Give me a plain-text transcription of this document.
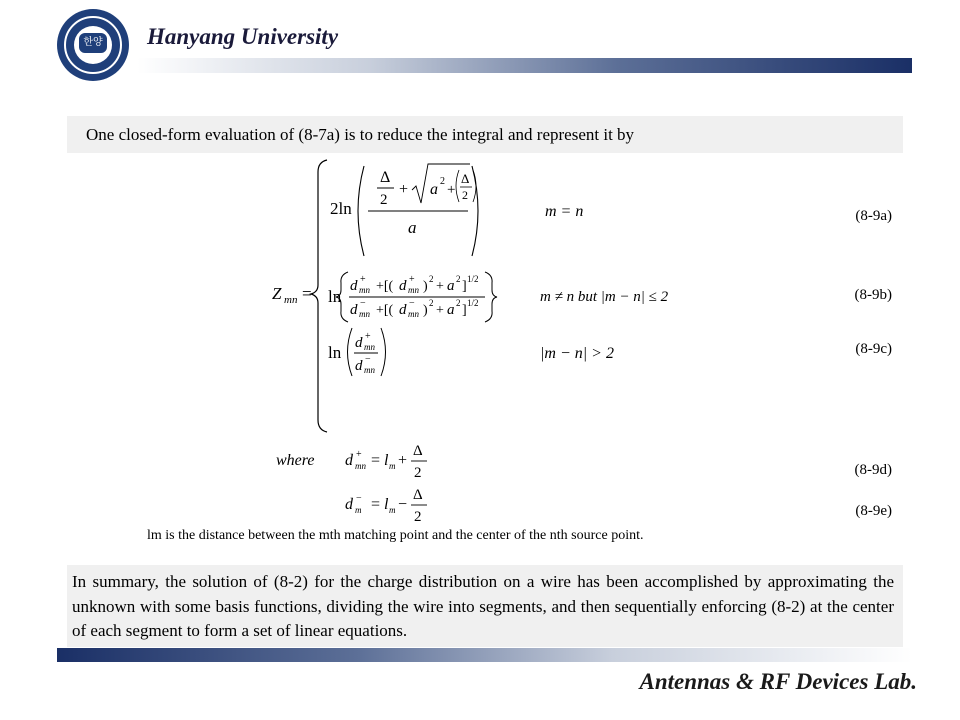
한양 Hanyang University
One closed-form evaluation of (8-7a) is to reduce the integral and represent it by
Z mn =
2ln
a
Δ
2
+ a 2
+
Δ
2
m = n
ln
d mn
+ +[( d mn
+ ) 2 + a 2 ] 1/2
d mn
− +[( d mn
− ) 2 + a 2 ] 1/2	m ≠ n but |m − n| ≤ 2
ln d mn
+
d mn
−	|m − n| > 2
where d mn
+ = l m +
Δ
2
d m
− = l m −
Δ
2
(8-9a)
(8-9b)
(8-9c)
(8-9d)
(8-9e)
lm is the distance between the mth matching point and the center of the nth source point.
In summary, the solution of (8-2) for the charge distribution on a wire has been accomplished by approximating the unknown with some basis functions, dividing the wire into segments, and then sequentially enforcing (8-2) at the center of each segment to form a set of linear equations.
Antennas & RF Devices Lab.
